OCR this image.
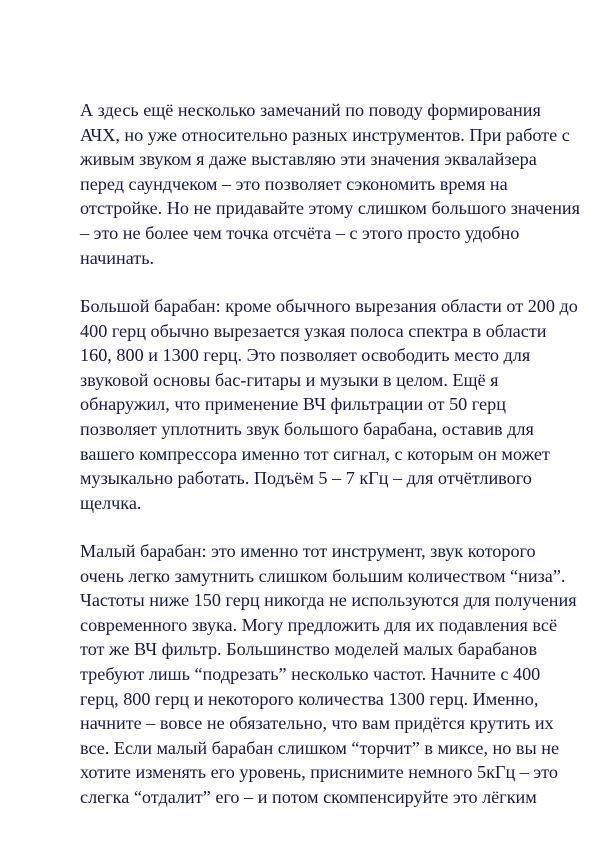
А здесь ещё несколько замечаний по поводу формирования
АЧХ, но уже относительно разных инструментов. При работе с
живым звуком я даже выставляю эти значения эквалайзера
перед саундчеком – это позволяет сэкономить время на
отстройке. Но не придавайте этому слишком большого значения
– это не более чем точка отсчёта – с этого просто удобно
начинать.
Большой барабан: кроме обычного вырезания области от 200 до
400 герц обычно вырезается узкая полоса спектра в области
160, 800 и 1300 герц. Это позволяет освободить место для
звуковой основы бас-гитары и музыки в целом. Ещё я
обнаружил, что применение ВЧ фильтрации от 50 герц
позволяет уплотнить звук большого барабана, оставив для
вашего компрессора именно тот сигнал, с которым он может
музыкально работать. Подъём 5 – 7 кГц – для отчётливого
щелчка.
Малый барабан: это именно тот инструмент, звук которого
очень легко замутнить слишком большим количеством “низа”.
Частоты ниже 150 герц никогда не используются для получения
современного звука. Могу предложить для их подавления всё
тот же ВЧ фильтр. Большинство моделей малых барабанов
требуют лишь “подрезать” несколько частот. Начните с 400
герц, 800 герц и некоторого количества 1300 герц. Именно,
начните – вовсе не обязательно, что вам придётся крутить их
все. Если малый барабан слишком “торчит” в миксе, но вы не
хотите изменять его уровень, приснимите немного 5кГц – это
слегка “отдалит” его – и потом скомпенсируйте это лёгким
